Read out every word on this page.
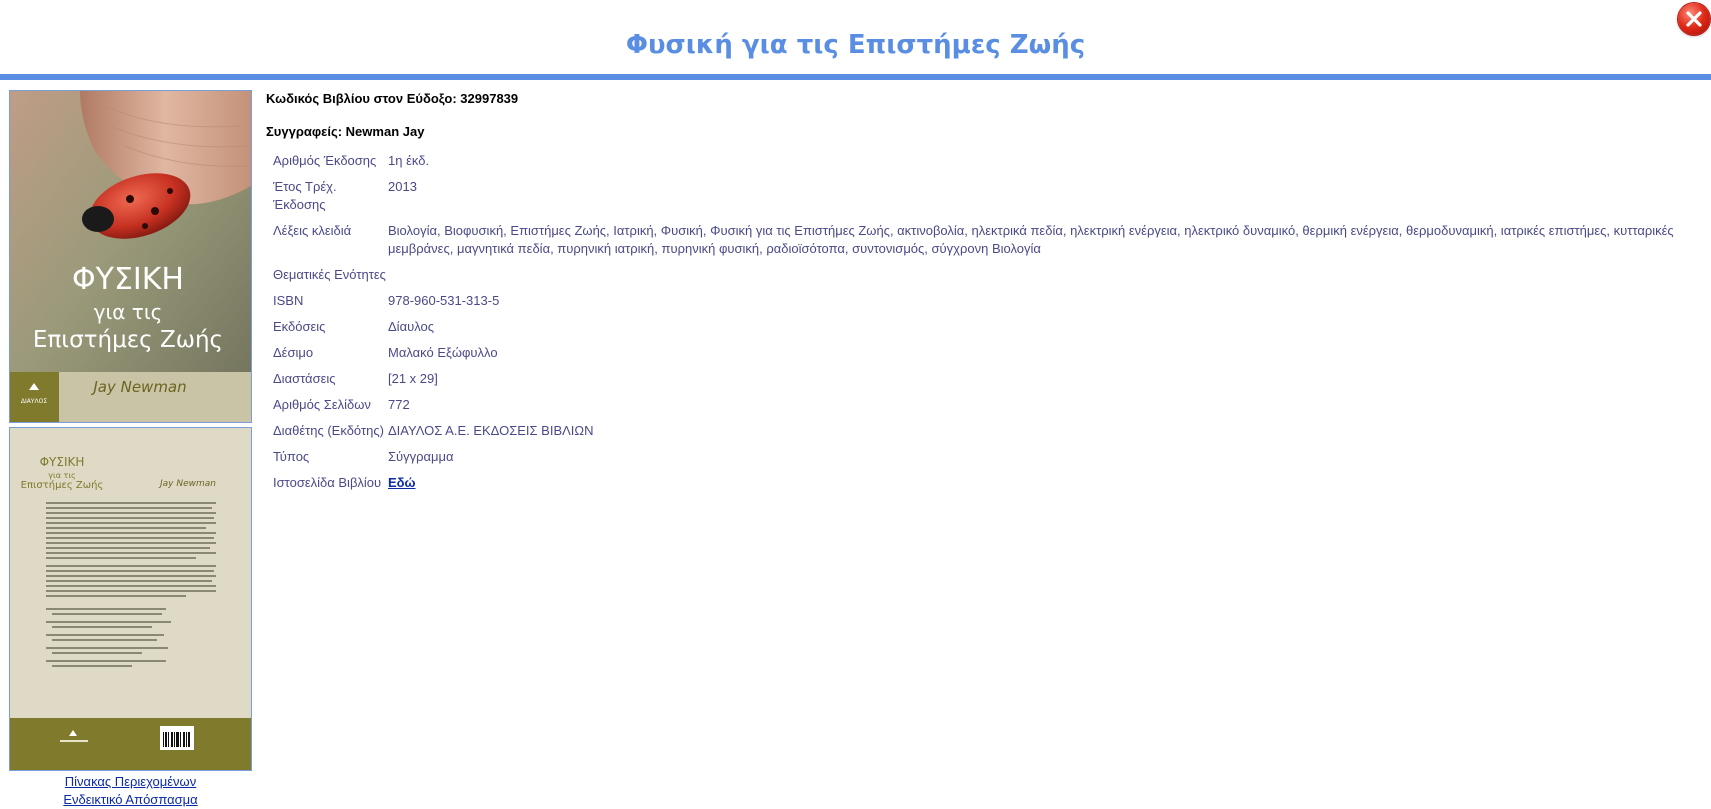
Φυσική για τις Επιστήμες Ζωής
ΦΥΣΙΚΗ
για τις
Επιστήμες Ζωής
ΔΙΑΥΛΟΣ
Jay Newman
ΦΥΣΙΚΗ
για τις
Επιστήμες Ζωής	Jay Newman
Πίνακας Περιεχομένων
Ενδεικτικό Απόσπασμα

Κωδικός Βιβλίου στον Εύδοξο: 32997839

Συγγραφείς: Newman Jay

Αριθμός Έκδοσης	1η έκδ.
Έτος Τρέχ. Έκδοσης	2013
Λέξεις κλειδιά	Βιολογία, Βιοφυσική, Επιστήμες Ζωής, Ιατρική, Φυσική, Φυσική για τις Επιστήμες Ζωής, ακτινοβολία, ηλεκτρικά πεδία, ηλεκτρική ενέργεια, ηλεκτρικό δυναμικό, θερμική ενέργεια, θερμοδυναμική, ιατρικές επιστήμες, κυτταρικές μεμβράνες, μαγνητικά πεδία, πυρηνική ιατρική, πυρηνική φυσική, ραδιοϊσότοπα, συντονισμός, σύγχρονη Βιολογία
Θεματικές Ενότητες	
ISBN	978-960-531-313-5
Εκδόσεις	Δίαυλος
Δέσιμο	Μαλακό Εξώφυλλο
Διαστάσεις	[21 x 29]
Αριθμός Σελίδων	772
Διαθέτης (Εκδότης)	ΔΙΑΥΛΟΣ Α.Ε. ΕΚΔΟΣΕΙΣ ΒΙΒΛΙΩΝ
Τύπος	Σύγγραμμα
Ιστοσελίδα Βιβλίου	Εδώ
